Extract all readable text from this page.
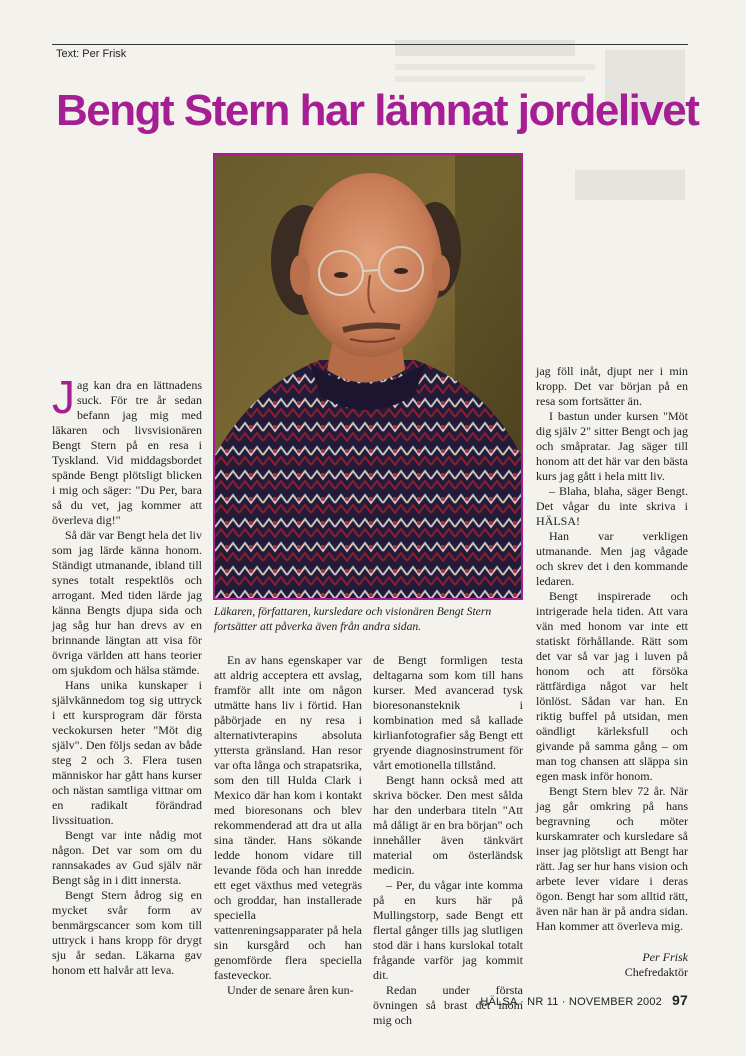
Text: Per Frisk
Bengt Stern har lämnat jordelivet

Läkaren, författaren, kursledare och visionären Bengt Stern fortsätter att påverka även från andra sidan.

Jag kan dra en lättnadens suck. För tre år sedan befann jag mig med läkaren och livsvisionären Bengt Stern på en resa i Tyskland. Vid middagsbordet spände Bengt plötsligt blicken i mig och säger: "Du Per, bara så du vet, jag kommer att överleva dig!"

Så där var Bengt hela det liv som jag lärde känna honom. Ständigt utmanande, ibland till synes totalt respektlös och arrogant. Med tiden lärde jag känna Bengts djupa sida och jag såg hur han drevs av en brinnande längtan att visa för övriga världen att hans teorier om sjukdom och hälsa stämde.

Hans unika kunskaper i självkännedom tog sig uttryck i ett kursprogram där första veckokursen heter "Möt dig själv". Den följs sedan av både steg 2 och 3. Flera tusen människor har gått hans kurser och nästan samtliga vittnar om en radikalt förändrad livssituation.

Bengt var inte nådig mot någon. Det var som om du rannsakades av Gud själv när Bengt såg in i ditt innersta.

Bengt Stern ådrog sig en mycket svår form av benmärgscancer som kom till uttryck i hans kropp för drygt sju år sedan. Läkarna gav honom ett halvår att leva.

En av hans egenskaper var att aldrig acceptera ett avslag, framför allt inte om någon utmätte hans liv i förtid. Han påbörjade en ny resa i alternativterapins absoluta yttersta gränsland. Han resor var ofta långa och strapatsrika, som den till Hulda Clark i Mexico där han kom i kontakt med bioresonans och blev rekommenderad att dra ut alla sina tänder. Hans sökande ledde honom vidare till levande föda och han inredde ett eget växthus med vetegräs och groddar, han installerade speciella vattenreningsapparater på hela sin kursgård och han genomförde flera speciella fasteveckor.

Under de senare åren kun-

de Bengt formligen testa deltagarna som kom till hans kurser. Med avancerad tysk bioresonansteknik i kombination med så kallade kirlianfotografier såg Bengt ett gryende diagnosinstrument för vårt emotionella tillstånd.

Bengt hann också med att skriva böcker. Den mest sålda har den underbara titeln "Att må dåligt är en bra början" och innehåller även tänkvärt material om österländsk medicin.

– Per, du vågar inte komma på en kurs här på Mullingstorp, sade Bengt ett flertal gånger tills jag slutligen stod där i hans kurslokal totalt frågande varför jag kommit dit.

Redan under första övningen så brast det inom mig och

jag föll inåt, djupt ner i min kropp. Det var början på en resa som fortsätter än.

I bastun under kursen "Möt dig själv 2" sitter Bengt och jag och småpratar. Jag säger till honom att det här var den bästa kurs jag gått i hela mitt liv.

– Blaha, blaha, säger Bengt. Det vågar du inte skriva i HÄLSA!

Han var verkligen utmanande. Men jag vågade och skrev det i den kommande ledaren.

Bengt inspirerade och intrigerade hela tiden. Att vara vän med honom var inte ett statiskt förhållande. Rätt som det var så var jag i luven på honom och att försöka rättfärdiga något var helt lönlöst. Sådan var han. En riktig buffel på utsidan, men oändligt kärleksfull och givande på samma gång – om man tog chansen att släppa sin egen mask inför honom.

Bengt Stern blev 72 år. När jag går omkring på hans begravning och möter kurskamrater och kursledare så inser jag plötsligt att Bengt har rätt. Jag ser hur hans vision och arbete lever vidare i deras ögon. Bengt har som alltid rätt, även när han är på andra sidan. Han kommer att överleva mig.

Per Frisk
Chefredaktör
HÄLSA · NR 11 · NOVEMBER 2002 97
